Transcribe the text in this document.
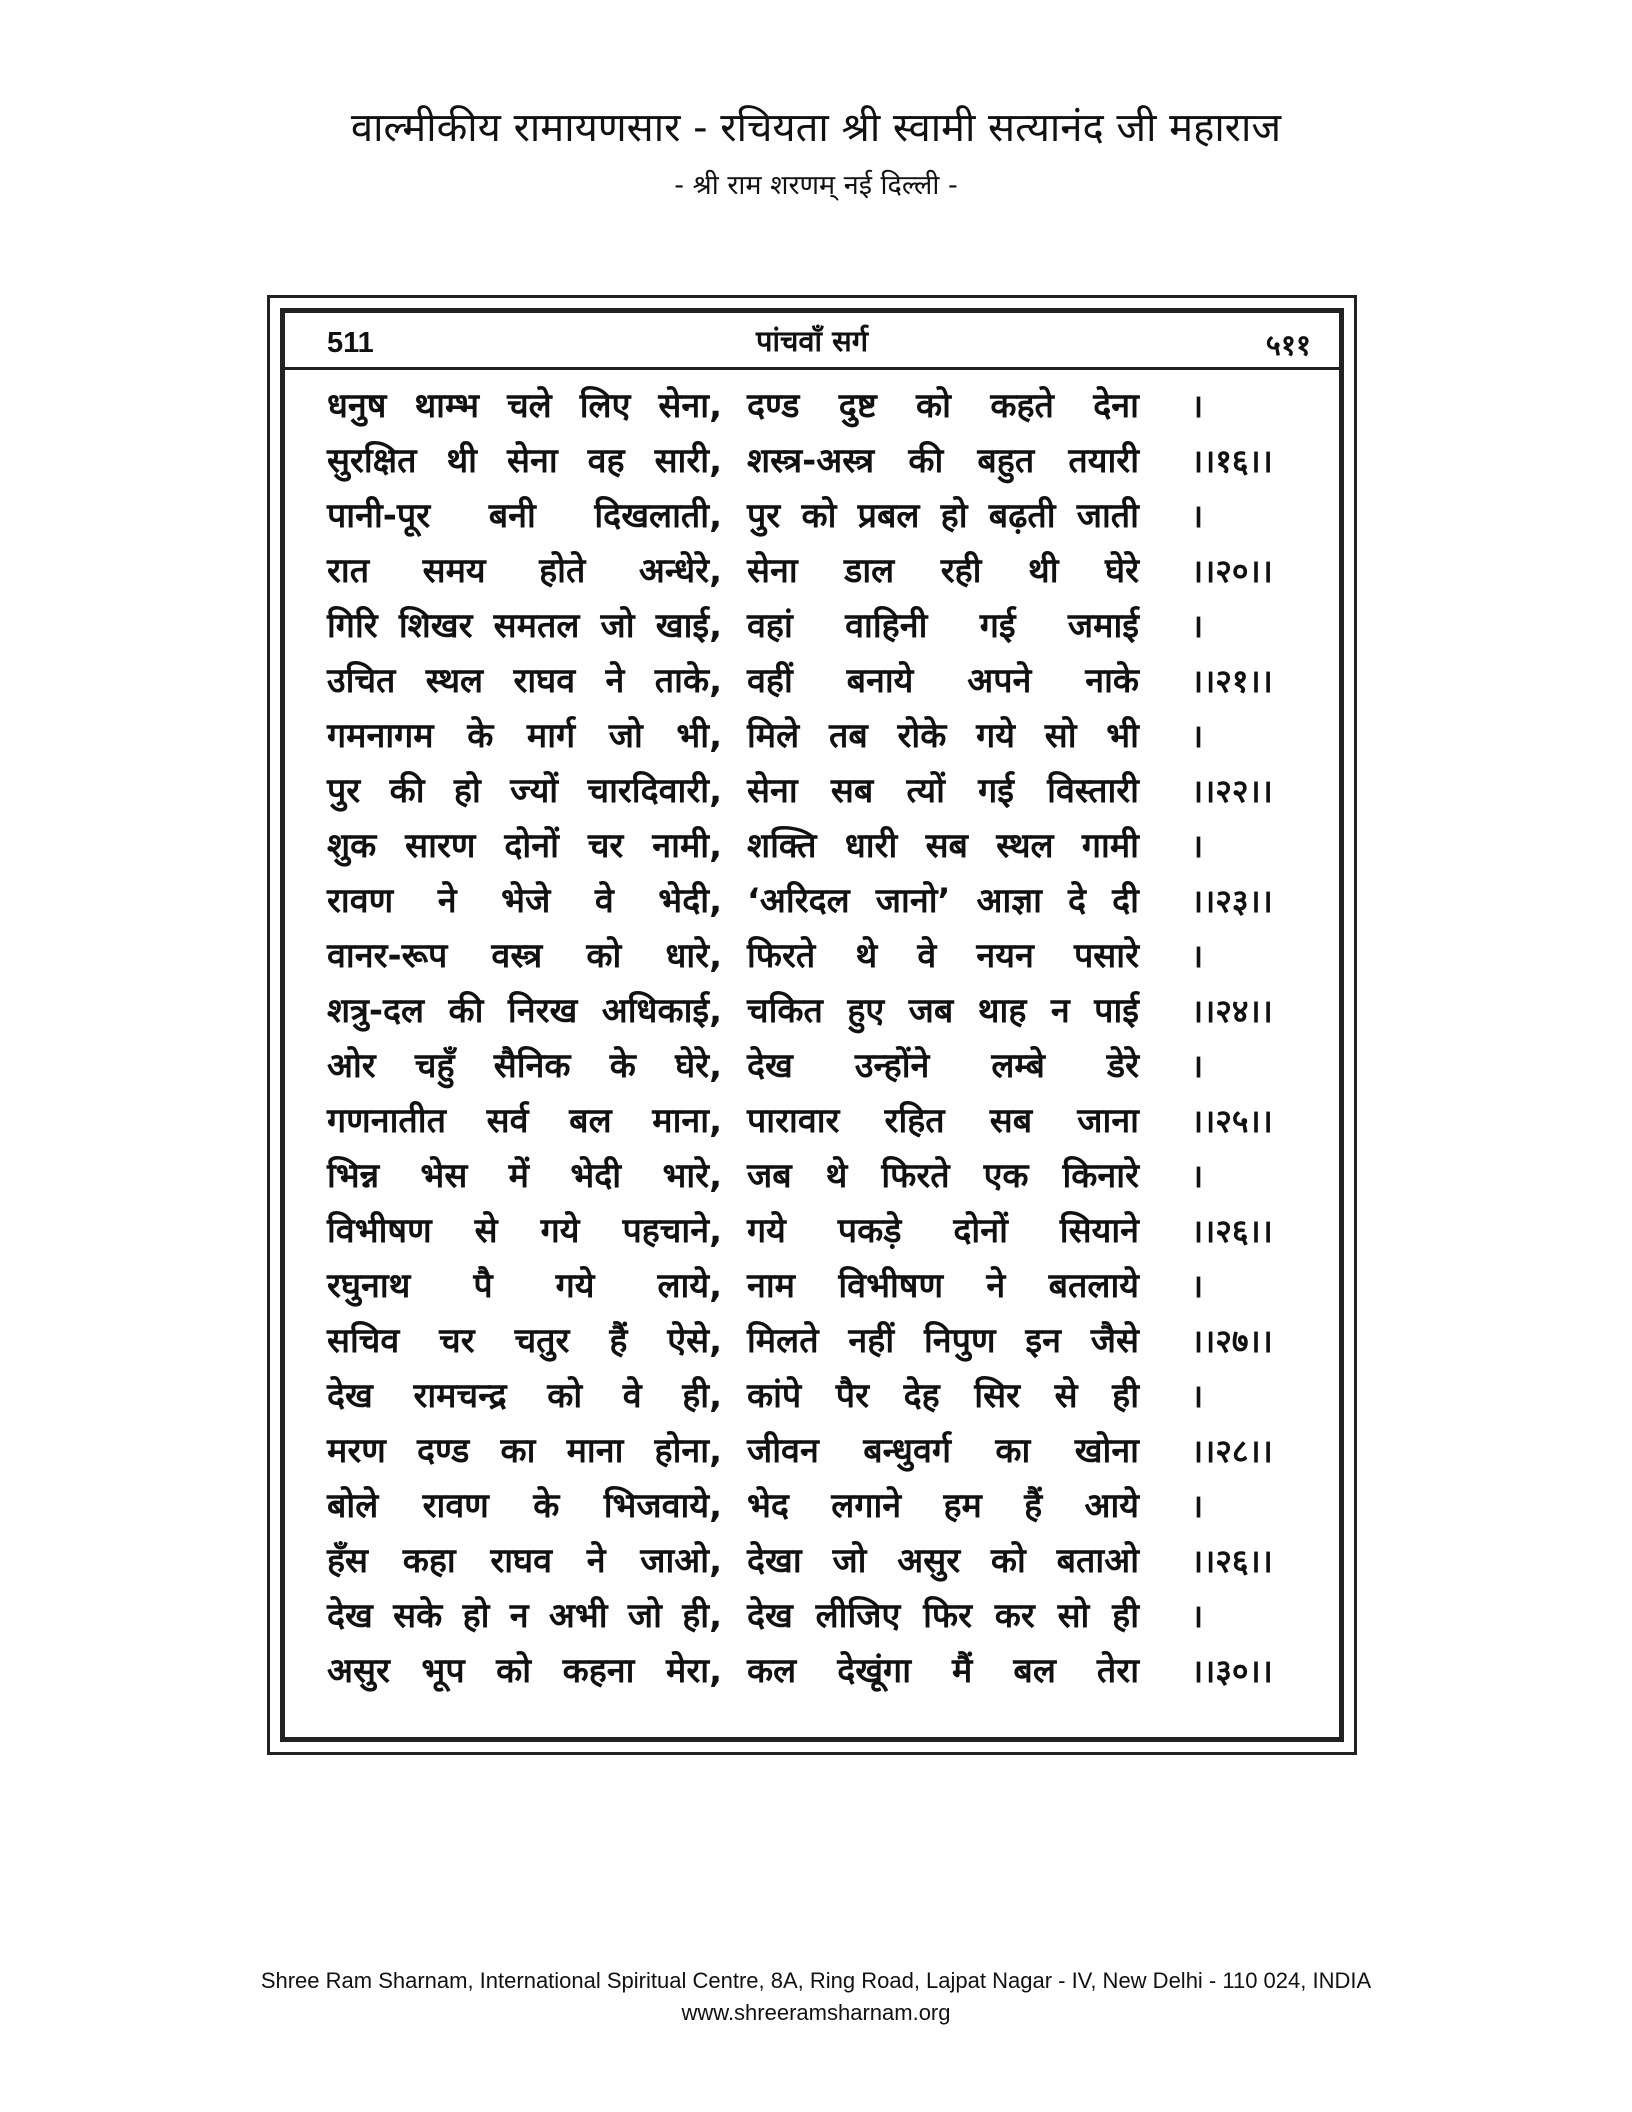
वाल्मीकीय रामायणसार - रचियता श्री स्वामी सत्यानंद जी महाराज
- श्री राम शरणम् नई दिल्ली -
511	पांचवाँ सर्ग	५११
धनुष थाम्भ चले लिए सेना, दण्ड दुष्ट को कहते देना ।
सुरक्षित थी सेना वह सारी, शस्त्र-अस्त्र की बहुत तयारी ।।१६।।
पानी-पूर बनी दिखलाती, पुर को प्रबल हो बढ़ती जाती ।
रात समय होते अन्धेरे, सेना डाल रही थी घेरे ।।२०।।
गिरि शिखर समतल जो खाई, वहां वाहिनी गई जमाई ।
उचित स्थल राघव ने ताके, वहीं बनाये अपने नाके ।।२१।।
गमनागम के मार्ग जो भी, मिले तब रोके गये सो भी ।
पुर की हो ज्यों चारदिवारी, सेना सब त्यों गई विस्तारी ।।२२।।
शुक सारण दोनों चर नामी, शक्ति धारी सब स्थल गामी ।
रावण ने भेजे वे भेदी, ‘अरिदल जानो’ आज्ञा दे दी ।।२३।।
वानर-रूप वस्त्र को धारे, फिरते थे वे नयन पसारे ।
शत्रु-दल की निरख अधिकाई, चकित हुए जब थाह न पाई ।।२४।।
ओर चहुँ सैनिक के घेरे, देख उन्होंने लम्बे डेरे ।
गणनातीत सर्व बल माना, पारावार रहित सब जाना ।।२५।।
भिन्न भेस में भेदी भारे, जब थे फिरते एक किनारे ।
विभीषण से गये पहचाने, गये पकड़े दोनों सियाने ।।२६।।
रघुनाथ पै गये लाये, नाम विभीषण ने बतलाये ।
सचिव चर चतुर हैं ऐसे, मिलते नहीं निपुण इन जैसे ।।२७।।
देख रामचन्द्र को वे ही, कांपे पैर देह सिर से ही ।
मरण दण्ड का माना होना, जीवन बन्धुवर्ग का खोना ।।२८।।
बोले रावण के भिजवाये, भेद लगाने हम हैं आये ।
हँस कहा राघव ने जाओ, देखा जो असुर को बताओ ।।२६।।
देख सके हो न अभी जो ही, देख लीजिए फिर कर सो ही ।
असुर भूप को कहना मेरा, कल देखूंगा मैं बल तेरा ।।३०।।
Shree Ram Sharnam, International Spiritual Centre, 8A, Ring Road, Lajpat Nagar - IV, New Delhi - 110 024, INDIA
www.shreeramsharnam.org
